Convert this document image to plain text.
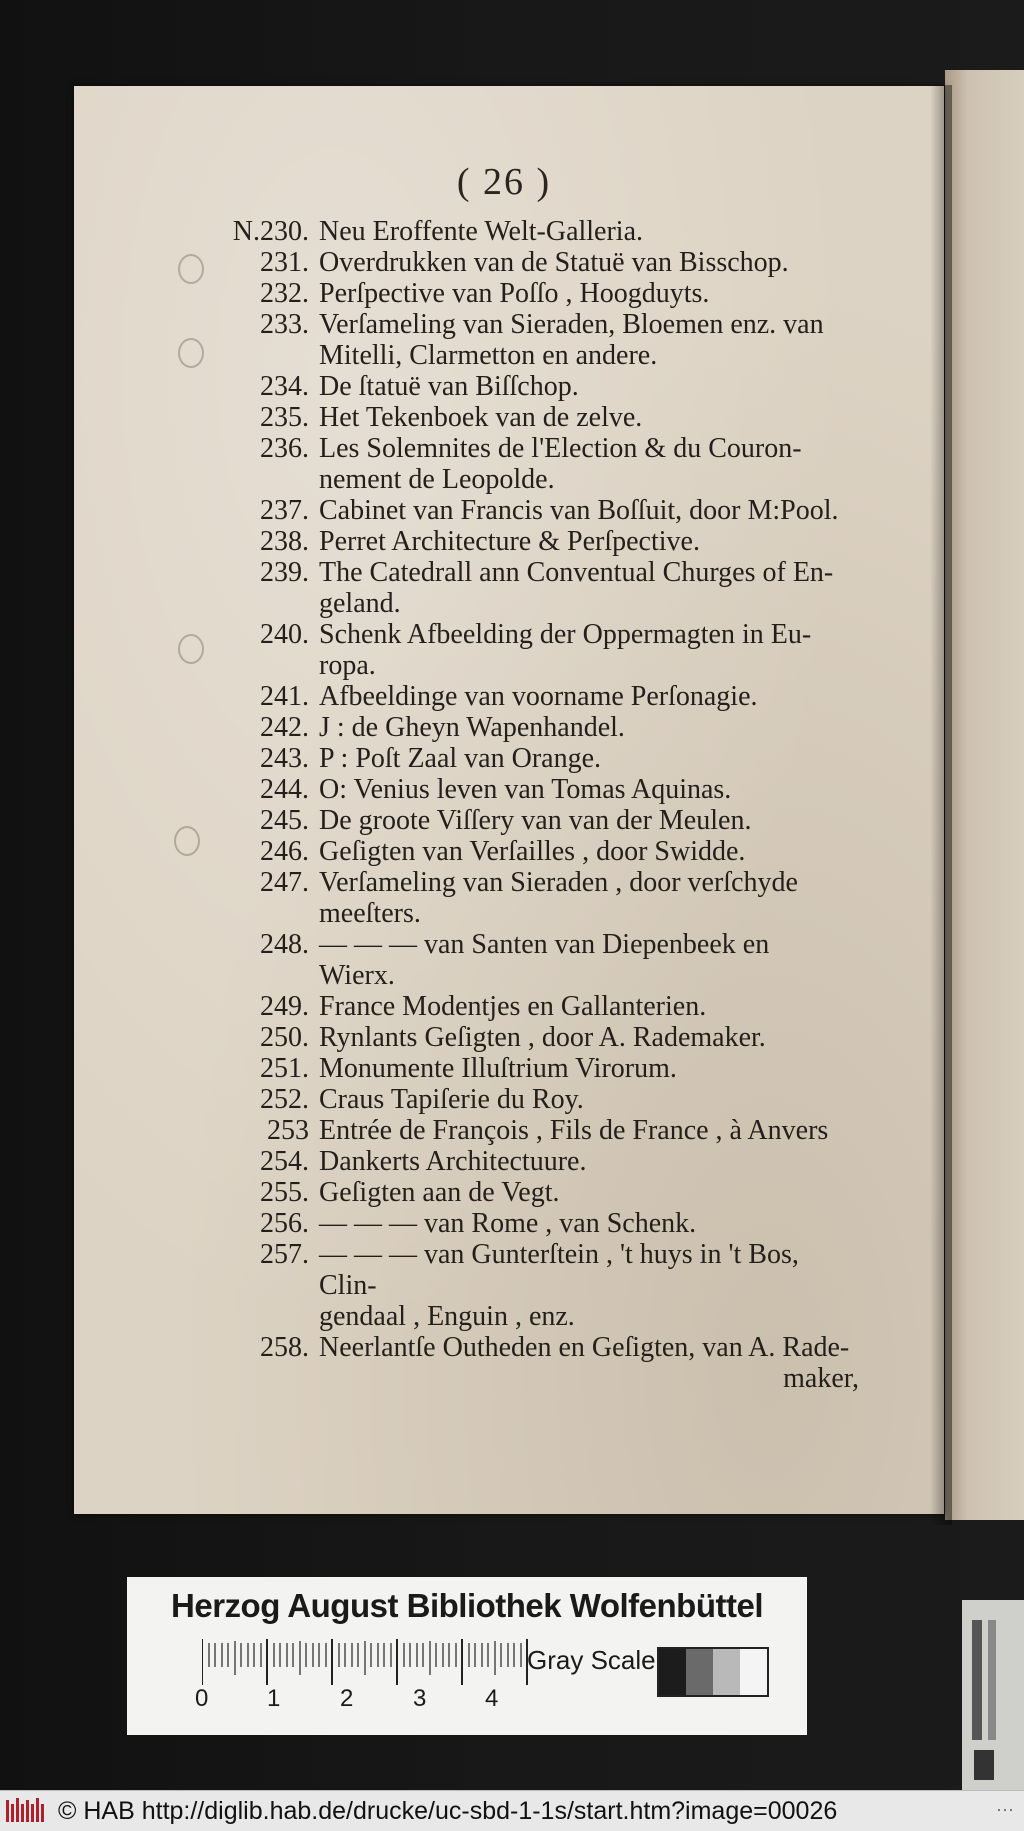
( 26 )
N.230. Neu Eroffente Welt-Galleria.
231. Overdrukken van de Statuë van Bisschop.
232. Perſpective van Poſſo , Hoogduyts.
233. Verſameling van Sieraden, Bloemen enz. van
Mitelli, Clarmetton en andere.
234. De ſtatuë van Biſſchop.
235. Het Tekenboek van de zelve.
236. Les Solemnites de l'Election & du Couron-
nement de Leopolde.
237. Cabinet van Francis van Boſſuit, door M:Pool.
238. Perret Architecture & Perſpective.
239. The Catedrall ann Conventual Churges of En-
geland.
240. Schenk Afbeelding der Oppermagten in Eu-
ropa.
241. Afbeeldinge van voorname Perſonagie.
242. J : de Gheyn Wapenhandel.
243. P : Poſt Zaal van Orange.
244. O: Venius leven van Tomas Aquinas.
245. De groote Viſſery van van der Meulen.
246. Geſigten van Verſailles , door Swidde.
247. Verſameling van Sieraden , door verſchyde
meeſters.
248. — — — van Santen van Diepenbeek en
Wierx.
249. France Modentjes en Gallanterien.
250. Rynlants Geſigten , door A. Rademaker.
251. Monumente Illuſtrium Virorum.
252. Craus Tapiſerie du Roy.
253 Entrée de François , Fils de France , à Anvers
254. Dankerts Architectuure.
255. Geſigten aan de Vegt.
256. — — — van Rome , van Schenk.
257. — — — van Gunterſtein , 't huys in 't Bos, Clin-
gendaal , Enguin , enz.
258. Neerlantſe Outheden en Geſigten, van A. Rade-
maker,
Herzog August Bibliothek Wolfenbüttel
0 1 2 3 4
Gray Scale
© HAB http://diglib.hab.de/drucke/uc-sbd-1-1s/start.htm?image=00026	···
